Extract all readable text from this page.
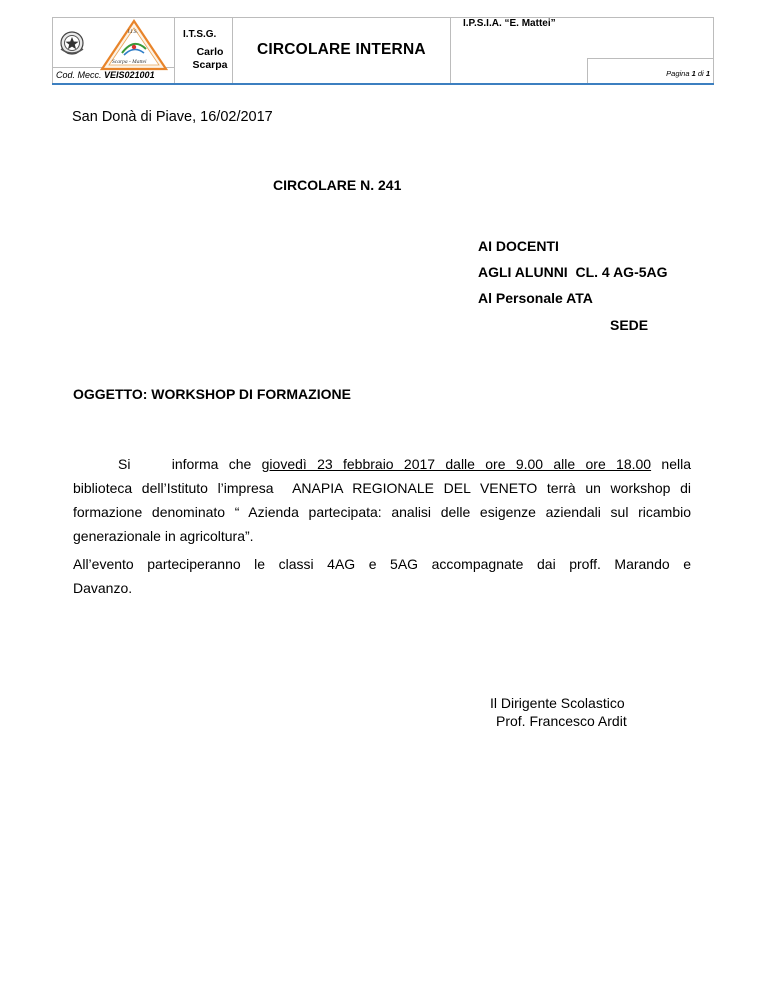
I.I.S.
Scarpa - Mattei
Cod. Mecc. VEIS021001
I.T.S.G.
Carlo
Scarpa
CIRCOLARE INTERNA
I.P.S.I.A. “E. Mattei”
Pagina 1 di 1
San Donà di Piave, 16/02/2017
CIRCOLARE N. 241
AI DOCENTI
AGLI ALUNNI  CL. 4 AG-5AG
Al Personale ATA
SEDE
OGGETTO: WORKSHOP DI FORMAZIONE
Si	informa che giovedì 23 febbraio 2017 dalle ore 9.00 alle ore 18.00 nella
biblioteca dell’Istituto l’impresa  ANAPIA REGIONALE DEL VENETO terrà un workshop di
formazione denominato “ Azienda partecipata: analisi delle esigenze aziendali sul ricambio
generazionale in agricoltura”.
All’evento parteciperanno le classi 4AG e 5AG accompagnate dai proff. Marando e
Davanzo.
Il Dirigente Scolastico
Prof. Francesco Ardit
